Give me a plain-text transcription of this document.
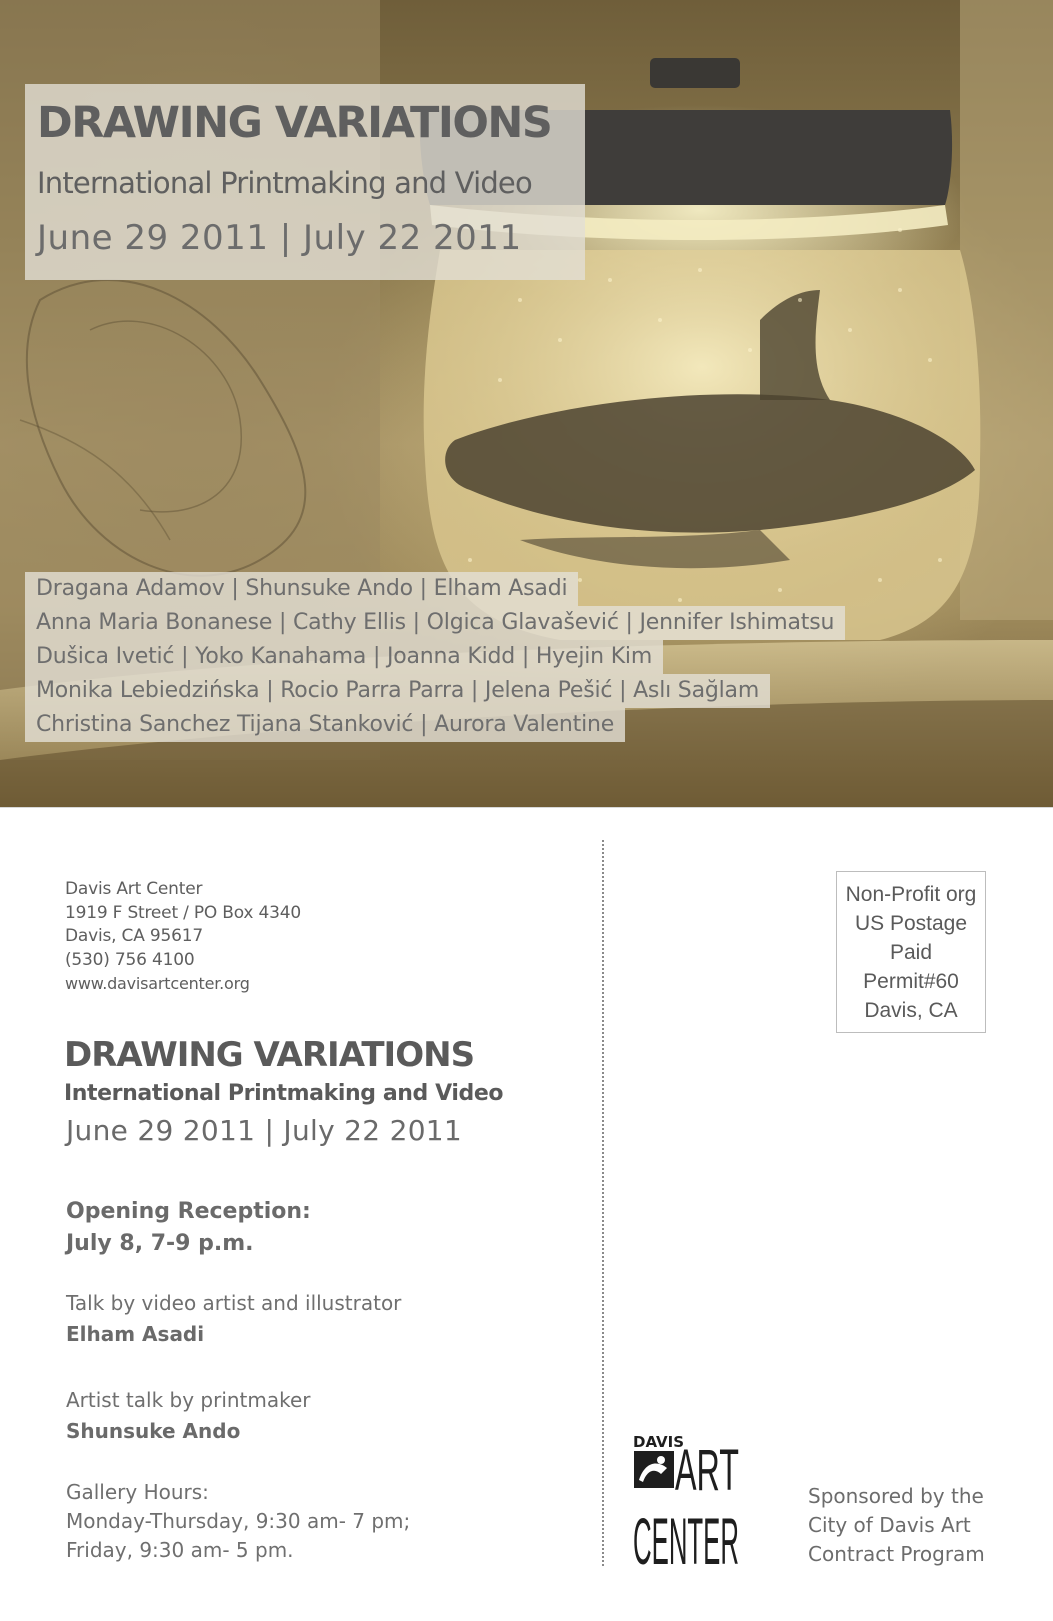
DRAWING VARIATIONS

International Printmaking and Video

June 29 2011 | July 22 2011

Dragana Adamov | Shunsuke Ando | Elham Asadi
Anna Maria Bonanese | Cathy Ellis | Olgica Glavašević | Jennifer Ishimatsu
Dušica Ivetić | Yoko Kanahama | Joanna Kidd | Hyejin Kim
Monika Lebiedzińska | Rocio Parra Parra | Jelena Pešić | Aslı Sağlam
Christina Sanchez Tijana Stanković | Aurora Valentine
Davis Art Center
1919 F Street / PO Box 4340
Davis, CA 95617
(530) 756 4100
www.davisartcenter.org
DRAWING VARIATIONS

International Printmaking and Video

June 29 2011 | July 22 2011

Opening Reception:
July 8, 7-9 p.m.
Talk by video artist and illustrator
Elham Asadi
Artist talk by printmaker
Shunsuke Ando
Gallery Hours:
Monday-Thursday, 9:30 am- 7 pm;
Friday, 9:30 am- 5 pm.
Non-Profit org
US Postage
Paid
Permit#60
Davis, CA
DAVIS
ART
CENTER
Sponsored by the
City of Davis Art
Contract Program
